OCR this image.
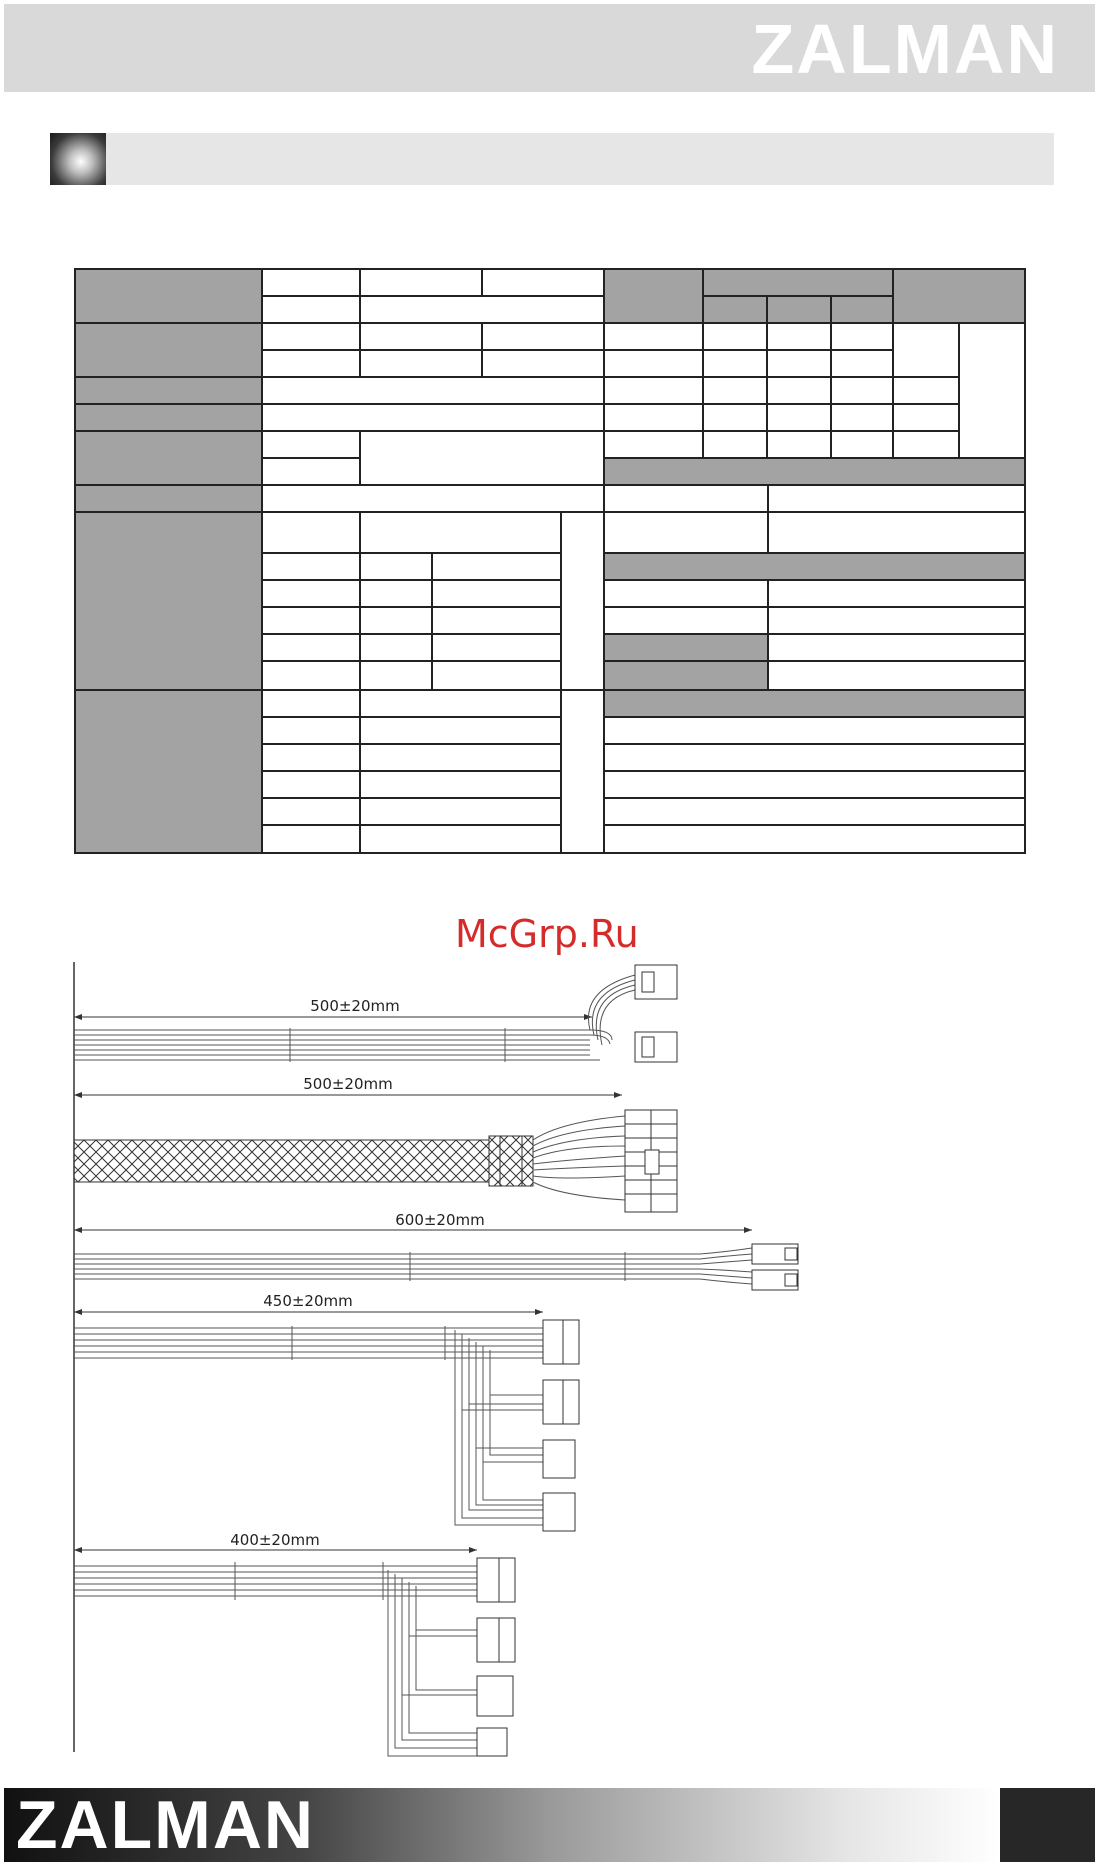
ZALMAN
McGrp.Ru
500±20mm
500±20mm
600±20mm
450±20mm
400±20mm
ZALMAN
